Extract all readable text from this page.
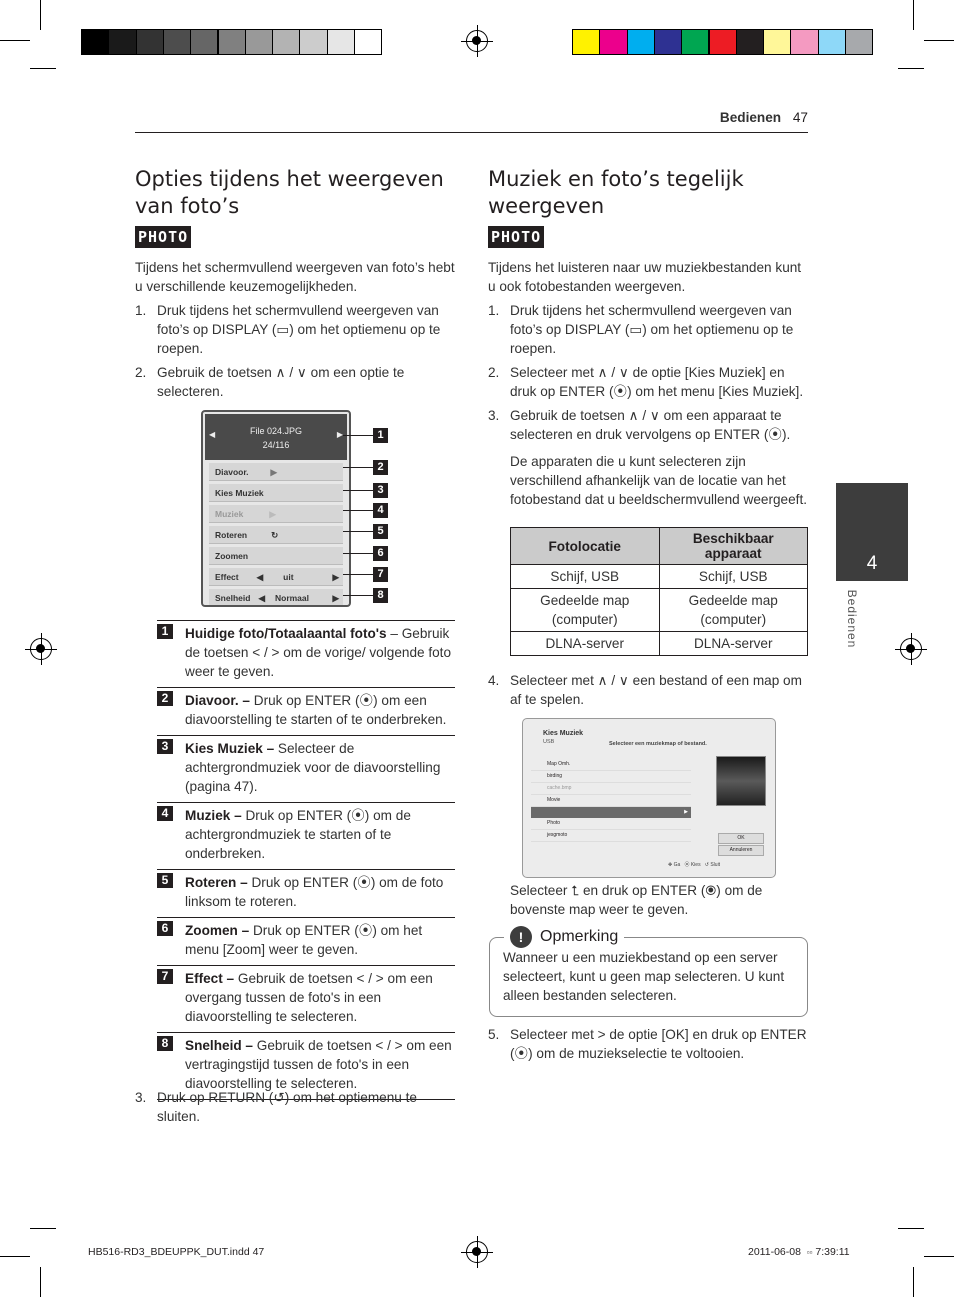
Bedienen 47
Opties tijdens het weergeven van foto’s
PHOTO
Tijdens het schermvullend weergeven van foto’s hebt u verschillende keuzemogelijkheden.
1. Druk tijdens het schermvullend weergeven van foto’s op DISPLAY (▭) om het optiemenu op te roepen.
2. Gebruik de toetsen ∧ / ∨ om een optie te selecteren.
◀	File 024.JPG
24/116
▶
Diavoor.	▶
Kies Muziek
Muziek	▶
Roteren	↻
Zoomen
Effect ◀ uit	▶
Snelheid ◀ Normaal	▶
1
2
3
4
5
6
7
8
1	Huidige foto/Totaalaantal foto's – Gebruik de toetsen < / > om de vorige/ volgende foto weer te geven.
2	Diavoor. – Druk op ENTER (⦿) om een diavoorstelling te starten of te onderbreken.
3	Kies Muziek – Selecteer de achtergrondmuziek voor de diavoorstelling (pagina 47).
4	Muziek – Druk op ENTER (⦿) om de achtergrondmuziek te starten of te onderbreken.
5	Roteren – Druk op ENTER (⦿) om de foto linksom te roteren.
6	Zoomen – Druk op ENTER (⦿) om het menu [Zoom] weer te geven.
7	Effect – Gebruik de toetsen < / > om een overgang tussen de foto's in een diavoorstelling te selecteren.
8	Snelheid – Gebruik de toetsen < / > om een vertragingstijd tussen de foto's in een diavoorstelling te selecteren.
3. Druk op RETURN (↺) om het optiemenu te sluiten.
Muziek en foto’s tegelijk weergeven
PHOTO
Tijdens het luisteren naar uw muziekbestanden kunt u ook fotobestanden weergeven.
1. Druk tijdens het schermvullend weergeven van foto’s op DISPLAY (▭) om het optiemenu op te roepen.
2. Selecteer met ∧ / ∨ de optie [Kies Muziek] en druk op ENTER (⦿) om het menu [Kies Muziek].
3. Gebruik de toetsen ∧ / ∨ om een apparaat te selecteren en druk vervolgens op ENTER (⦿).
De apparaten die u kunt selecteren zijn verschillend afhankelijk van de locatie van het fotobestand dat u beeldschermvullend weergeeft.
Fotolocatie	Beschikbaar apparaat
Schijf, USB	Schijf, USB
Gedeelde map (computer)	Gedeelde map (computer)
DLNA-server	DLNA-server
4. Selecteer met ∧ / ∨ een bestand of een map om af te spelen.
Kies Muziek
USB	Selecteer een muziekmap of bestand.
Map Omh.
birding
cache.bmp
Movie
▶
Photo
jesgmoto	OK
Annuleren
✥ Ga ⦿ Kies ↺ Sluit
Selecteer ⮤ en druk op ENTER (⦿) om de bovenste map weer te geven.
!	Opmerking
Wanneer u een muziekbestand op een server selecteert, kunt u geen map selecteren. U kunt alleen bestanden selecteren.
5. Selecteer met > de optie [OK] en druk op ENTER (⦿) om de muziekselectie te voltooien.
4
Bedienen
HB516-RD3_BDEUPPK_DUT.indd 47	2011-06-08 ▫▫ 7:39:11
